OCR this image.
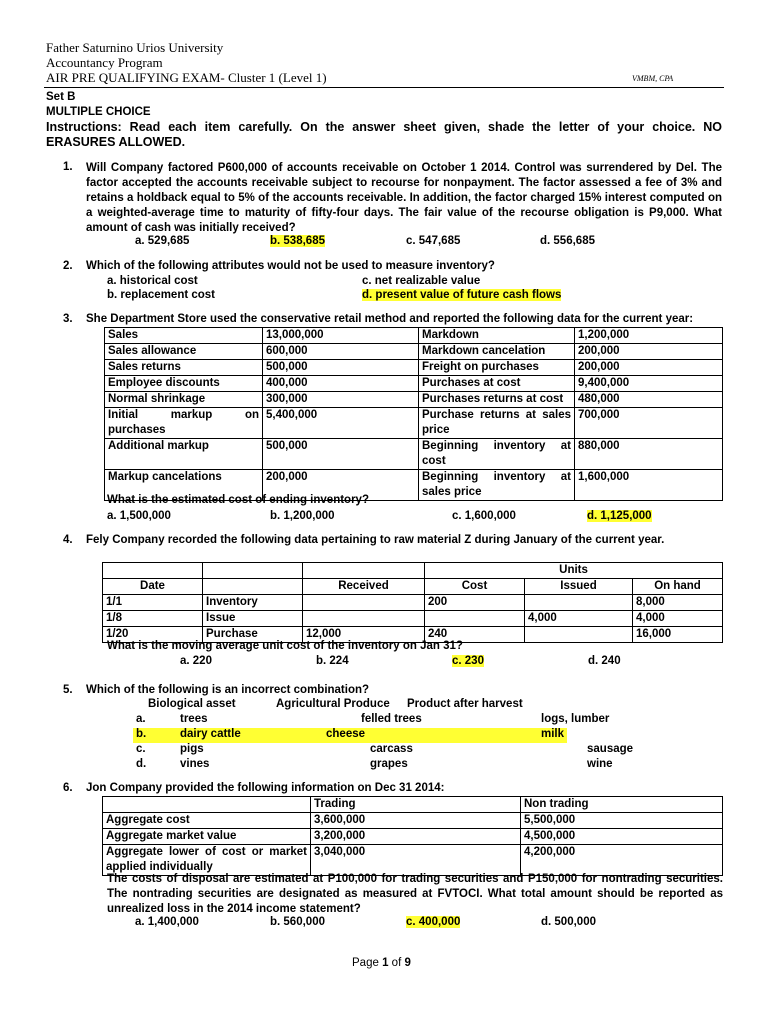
Father Saturnino Urios University
Accountancy Program
AIR PRE QUALIFYING EXAM- Cluster 1 (Level 1)	VMBM, CPA
Set B
MULTIPLE CHOICE
Instructions: Read each item carefully. On the answer sheet given, shade the letter of your choice. NO ERASURES ALLOWED.
1. Will Company factored P600,000 of accounts receivable on October 1 2014. Control was surrendered by Del. The factor accepted the accounts receivable subject to recourse for nonpayment. The factor assessed a fee of 3% and retains a holdback equal to 5% of the accounts receivable. In addition, the factor charged 15% interest computed on a weighted-average time to maturity of fifty-four days. The fair value of the recourse obligation is P9,000. What amount of cash was initially received?
a. 529,685	b. 538,685	c. 547,685	d. 556,685
2. Which of the following attributes would not be used to measure inventory?
a. historical cost	c. net realizable value
b. replacement cost	d. present value of future cash flows
3. She Department Store used the conservative retail method and reported the following data for the current year:
Sales	13,000,000	Markdown	1,200,000
Sales allowance	600,000	Markdown cancelation	200,000
Sales returns	500,000	Freight on purchases	200,000
Employee discounts	400,000	Purchases at cost	9,400,000
Normal shrinkage	300,000	Purchases returns at cost	480,000
Initial markup on purchases	5,400,000	Purchase returns at sales price	700,000
Additional markup	500,000	Beginning inventory at cost	880,000
Markup cancelations	200,000	Beginning inventory at sales price	1,600,000
What is the estimated cost of ending inventory?
a. 1,500,000	b. 1,200,000	c. 1,600,000	d. 1,125,000
4. Fely Company recorded the following data pertaining to raw material Z during January of the current year.
			Units		
Date		Received	Cost	Issued	On hand
1/1	Inventory		200		8,000
1/8	Issue			4,000	4,000
1/20	Purchase	12,000	240		16,000
What is the moving average unit cost of the inventory on Jan 31?
a. 220	b. 224	c. 230	d. 240
5. Which of the following is an incorrect combination?
Biological asset	Agricultural Produce Product after harvest
a.	trees	felled trees	logs, lumber
b.	dairy cattle	cheese	milk
c.	pigs	carcass	sausage
d.	vines	grapes	wine
6. Jon Company provided the following information on Dec 31 2014:
	Trading	Non trading
Aggregate cost	3,600,000	5,500,000
Aggregate market value	3,200,000	4,500,000
Aggregate lower of cost or market applied individually	3,040,000	4,200,000
The costs of disposal are estimated at P100,000 for trading securities and P150,000 for nontrading securities. The nontrading securities are designated as measured at FVTOCI. What total amount should be reported as unrealized loss in the 2014 income statement?
a. 1,400,000	b. 560,000	c. 400,000	d. 500,000
Page 1 of 9
